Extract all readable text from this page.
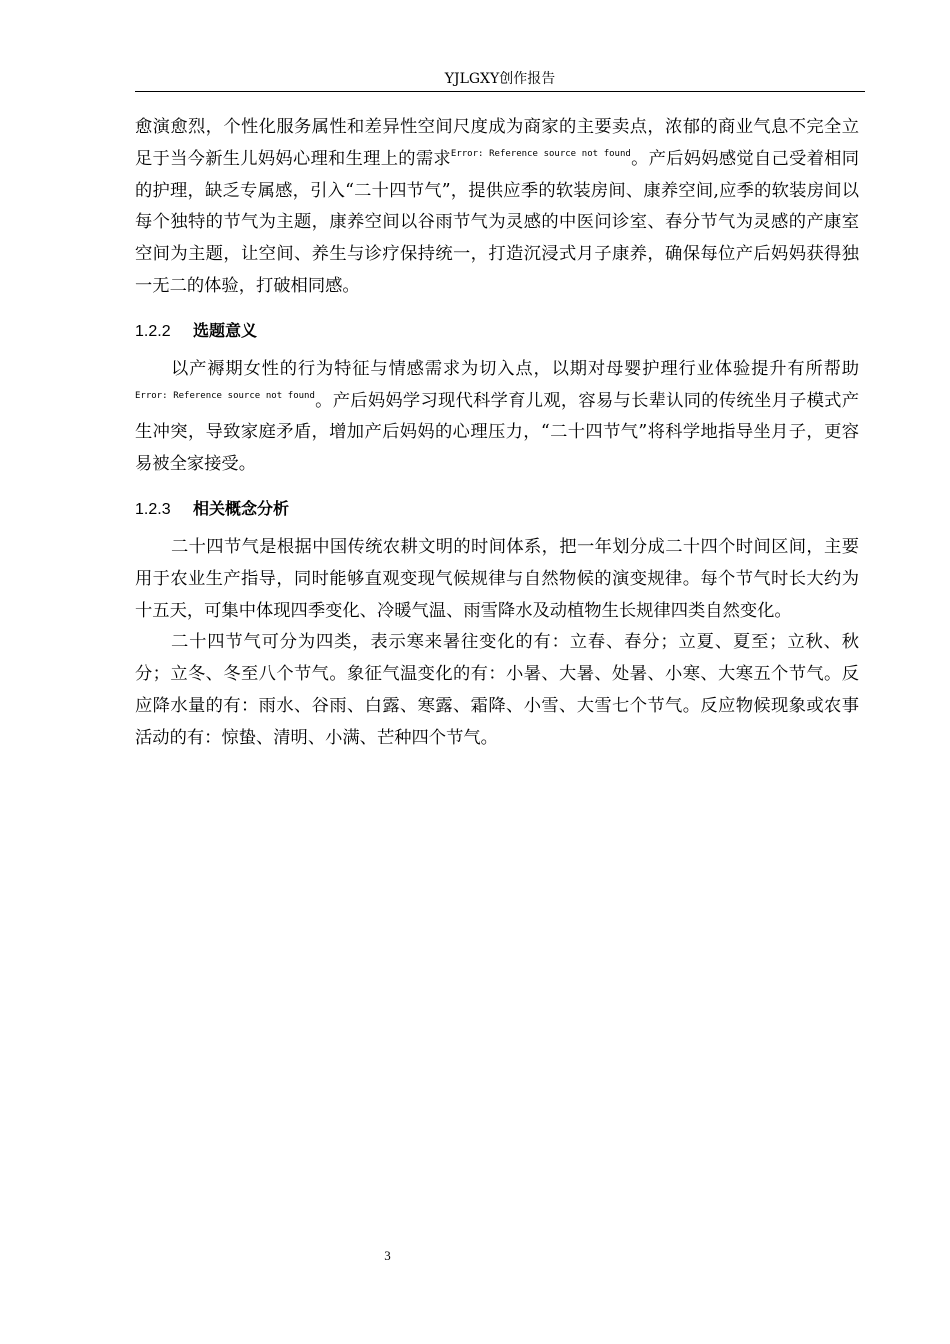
YJLGXY创作报告

愈演愈烈，个性化服务属性和差异性空间尺度成为商家的主要卖点，浓郁的商业气息不完全立足于当今新生儿妈妈心理和生理上的需求$^{Error: Reference source not found}$。产后妈妈感觉自己受着相同的护理，缺乏专属感，引入“二十四节气”，提供应季的软装房间、康养空间,应季的软装房间以每个独特的节气为主题，康养空间以谷雨节气为灵感的中医问诊室、春分节气为灵感的产康室空间为主题，让空间、养生与诊疗保持统一，打造沉浸式月子康养，确保每位产后妈妈获得独一无二的体验，打破相同感。

1.2.2 选题意义

以产褥期女性的行为特征与情感需求为切入点，以期对母婴护理行业体验提升有所帮助$^{Error: Reference source not found}$。产后妈妈学习现代科学育儿观，容易与长辈认同的传统坐月子模式产生冲突，导致家庭矛盾，增加产后妈妈的心理压力，“二十四节气”将科学地指导坐月子，更容易被全家接受。

1.2.3 相关概念分析

二十四节气是根据中国传统农耕文明的时间体系，把一年划分成二十四个时间区间，主要用于农业生产指导，同时能够直观变现气候规律与自然物候的演变规律。每个节气时长大约为十五天，可集中体现四季变化、冷暖气温、雨雪降水及动植物生长规律四类自然变化。

二十四节气可分为四类，表示寒来暑往变化的有：立春、春分；立夏、夏至；立秋、秋分；立冬、冬至八个节气。象征气温变化的有：小暑、大暑、处暑、小寒、大寒五个节气。反应降水量的有：雨水、谷雨、白露、寒露、霜降、小雪、大雪七个节气。反应物候现象或农事活动的有：惊蛰、清明、小满、芒种四个节气。

3
